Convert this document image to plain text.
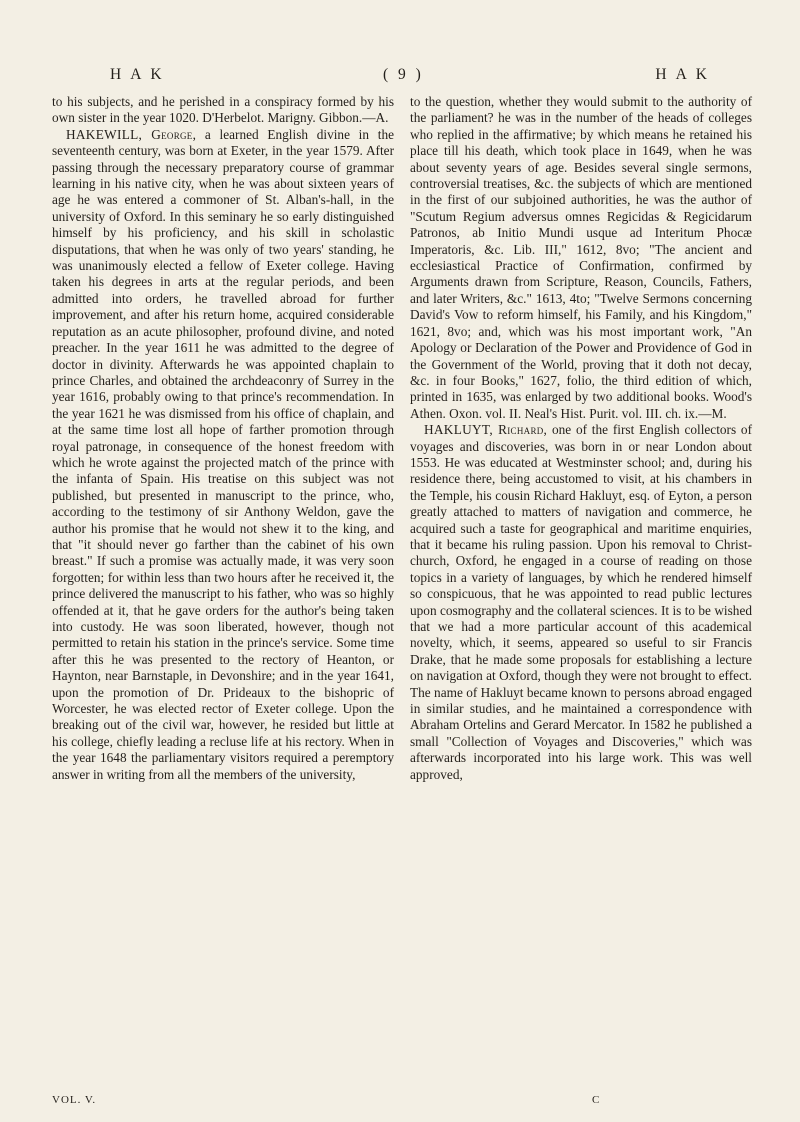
H A K	( 9 )	H A K

to his subjects, and he perished in a conspiracy formed by his own sister in the year 1020. D'Herbelot. Marigny. Gibbon.—A.

HAKEWILL, George, a learned English divine in the seventeenth century, was born at Exeter, in the year 1579. After passing through the necessary preparatory course of grammar learning in his native city, when he was about sixteen years of age he was entered a commoner of St. Alban's-hall, in the university of Oxford. In this seminary he so early distinguished himself by his proficiency, and his skill in scholastic disputations, that when he was only of two years' standing, he was unanimously elected a fellow of Exeter college. Having taken his degrees in arts at the regular periods, and been admitted into orders, he travelled abroad for further improvement, and after his return home, acquired considerable reputation as an acute philosopher, profound divine, and noted preacher. In the year 1611 he was admitted to the degree of doctor in divinity. Afterwards he was appointed chaplain to prince Charles, and obtained the archdeaconry of Surrey in the year 1616, probably owing to that prince's recommendation. In the year 1621 he was dismissed from his office of chaplain, and at the same time lost all hope of farther promotion through royal patronage, in consequence of the honest freedom with which he wrote against the projected match of the prince with the infanta of Spain. His treatise on this subject was not published, but presented in manuscript to the prince, who, according to the testimony of sir Anthony Weldon, gave the author his promise that he would not shew it to the king, and that "it should never go farther than the cabinet of his own breast." If such a promise was actually made, it was very soon forgotten; for within less than two hours after he received it, the prince delivered the manuscript to his father, who was so highly offended at it, that he gave orders for the author's being taken into custody. He was soon liberated, however, though not permitted to retain his station in the prince's service. Some time after this he was presented to the rectory of Heanton, or Haynton, near Barnstaple, in Devonshire; and in the year 1641, upon the promotion of Dr. Prideaux to the bishopric of Worcester, he was elected rector of Exeter college. Upon the breaking out of the civil war, however, he resided but little at his college, chiefly leading a recluse life at his rectory. When in the year 1648 the parliamentary visitors required a peremptory answer in writing from all the members of the university,

to the question, whether they would submit to the authority of the parliament? he was in the number of the heads of colleges who replied in the affirmative; by which means he retained his place till his death, which took place in 1649, when he was about seventy years of age. Besides several single sermons, controversial treatises, &c. the subjects of which are mentioned in the first of our subjoined authorities, he was the author of "Scutum Regium adversus omnes Regicidas & Regicidarum Patronos, ab Initio Mundi usque ad Interitum Phocæ Imperatoris, &c. Lib. III," 1612, 8vo; "The ancient and ecclesiastical Practice of Confirmation, confirmed by Arguments drawn from Scripture, Reason, Councils, Fathers, and later Writers, &c." 1613, 4to; "Twelve Sermons concerning David's Vow to reform himself, his Family, and his Kingdom," 1621, 8vo; and, which was his most important work, "An Apology or Declaration of the Power and Providence of God in the Government of the World, proving that it doth not decay, &c. in four Books," 1627, folio, the third edition of which, printed in 1635, was enlarged by two additional books. Wood's Athen. Oxon. vol. II. Neal's Hist. Purit. vol. III. ch. ix.—M.

HAKLUYT, Richard, one of the first English collectors of voyages and discoveries, was born in or near London about 1553. He was educated at Westminster school; and, during his residence there, being accustomed to visit, at his chambers in the Temple, his cousin Richard Hakluyt, esq. of Eyton, a person greatly attached to matters of navigation and commerce, he acquired such a taste for geographical and maritime enquiries, that it became his ruling passion. Upon his removal to Christ-church, Oxford, he engaged in a course of reading on those topics in a variety of languages, by which he rendered himself so conspicuous, that he was appointed to read public lectures upon cosmography and the collateral sciences. It is to be wished that we had a more particular account of this academical novelty, which, it seems, appeared so useful to sir Francis Drake, that he made some proposals for establishing a lecture on navigation at Oxford, though they were not brought to effect. The name of Hakluyt became known to persons abroad engaged in similar studies, and he maintained a correspondence with Abraham Ortelins and Gerard Mercator. In 1582 he published a small "Collection of Voyages and Discoveries," which was afterwards incorporated into his large work. This was well approved,

VOL. V.	C
